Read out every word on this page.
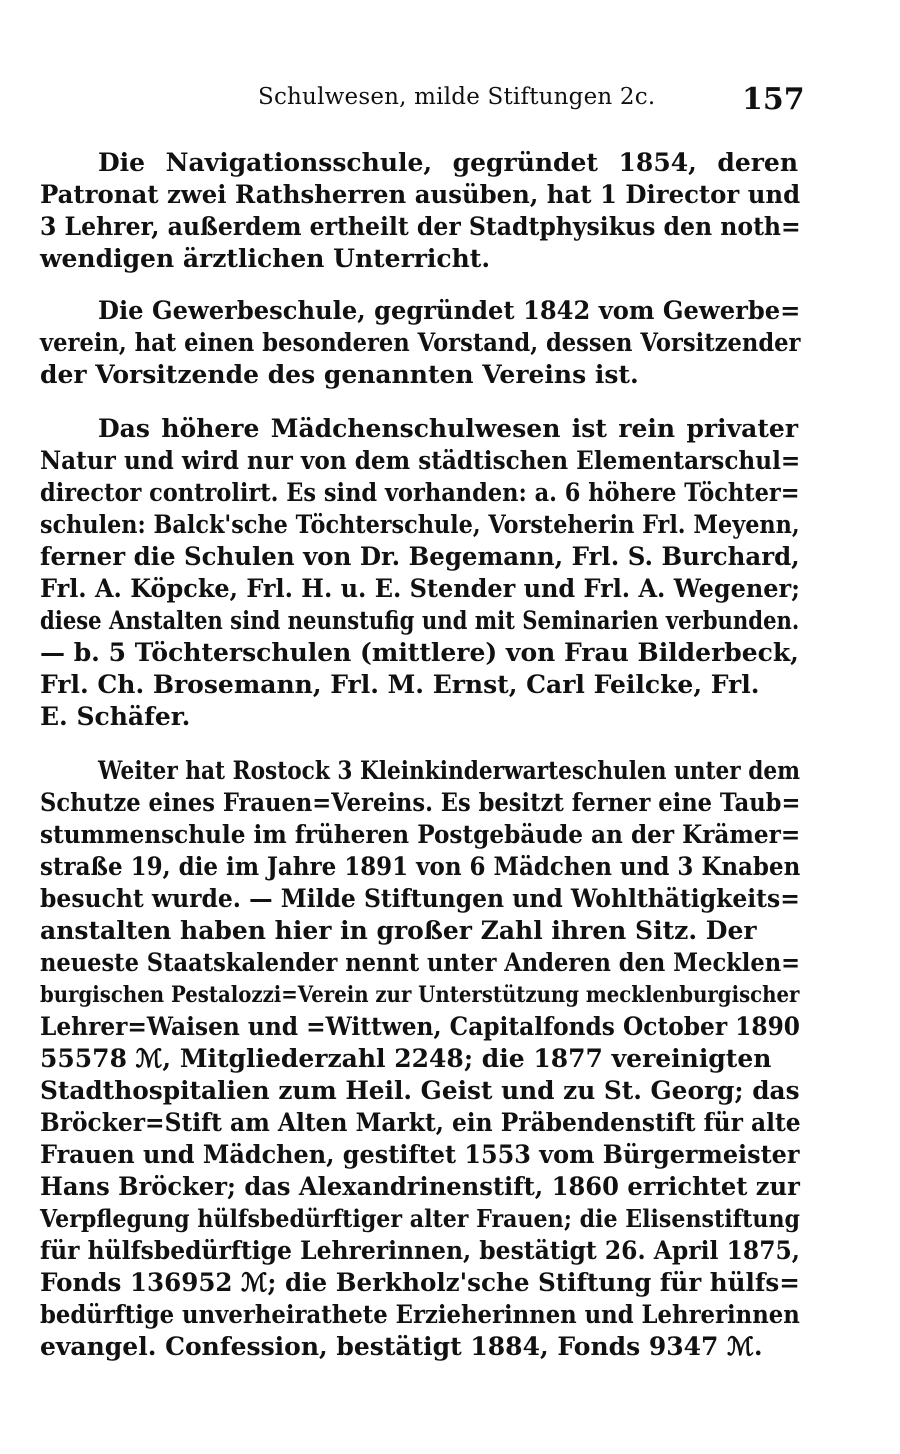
Schulwesen, milde Stiftungen 2c.	157
Die Navigationsschule, gegründet 1854, deren
Patronat zwei Rathsherren ausüben, hat 1 Director und
3 Lehrer, außerdem ertheilt der Stadtphysikus den noth=
wendigen ärztlichen Unterricht.
Die Gewerbeschule, gegründet 1842 vom Gewerbe=
verein, hat einen besonderen Vorstand, dessen Vorsitzender
der Vorsitzende des genannten Vereins ist.
Das höhere Mädchenschulwesen ist rein privater
Natur und wird nur von dem städtischen Elementarschul=
director controlirt. Es sind vorhanden: a. 6 höhere Töchter=
schulen: Balck'sche Töchterschule, Vorsteherin Frl. Meyenn,
ferner die Schulen von Dr. Begemann, Frl. S. Burchard,
Frl. A. Köpcke, Frl. H. u. E. Stender und Frl. A. Wegener;
diese Anstalten sind neunstufig und mit Seminarien verbunden.
— b. 5 Töchterschulen (mittlere) von Frau Bilderbeck,
Frl. Ch. Brosemann, Frl. M. Ernst, Carl Feilcke, Frl.
E. Schäfer.
Weiter hat Rostock 3 Kleinkinderwarteschulen unter dem
Schutze eines Frauen=Vereins. Es besitzt ferner eine Taub=
stummenschule im früheren Postgebäude an der Krämer=
straße 19, die im Jahre 1891 von 6 Mädchen und 3 Knaben
besucht wurde. — Milde Stiftungen und Wohlthätigkeits=
anstalten haben hier in großer Zahl ihren Sitz. Der
neueste Staatskalender nennt unter Anderen den Mecklen=
burgischen Pestalozzi=Verein zur Unterstützung mecklenburgischer
Lehrer=Waisen und =Wittwen, Capitalfonds October 1890
55578 ℳ, Mitgliederzahl 2248; die 1877 vereinigten
Stadthospitalien zum Heil. Geist und zu St. Georg; das
Bröcker=Stift am Alten Markt, ein Präbendenstift für alte
Frauen und Mädchen, gestiftet 1553 vom Bürgermeister
Hans Bröcker; das Alexandrinenstift, 1860 errichtet zur
Verpflegung hülfsbedürftiger alter Frauen; die Elisenstiftung
für hülfsbedürftige Lehrerinnen, bestätigt 26. April 1875,
Fonds 136952 ℳ; die Berkholz'sche Stiftung für hülfs=
bedürftige unverheirathete Erzieherinnen und Lehrerinnen
evangel. Confession, bestätigt 1884, Fonds 9347 ℳ.
